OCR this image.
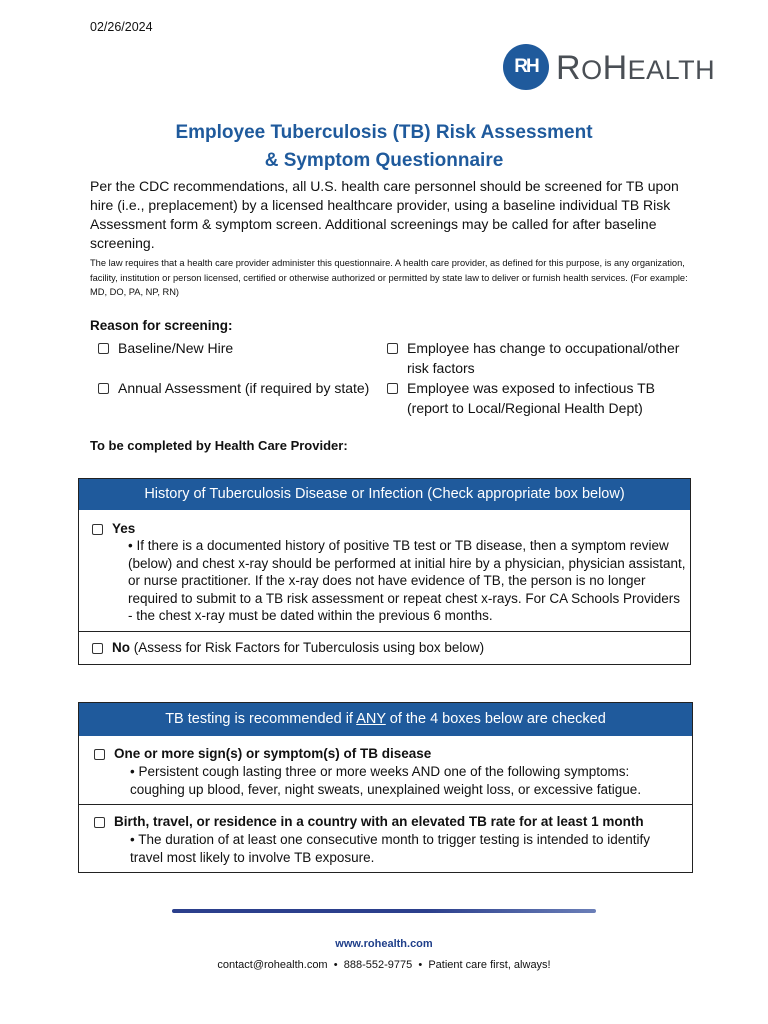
02/26/2024
RH ROHEALTH
Employee Tuberculosis (TB) Risk Assessment
& Symptom Questionnaire
Per the CDC recommendations, all U.S. health care personnel should be screened for TB upon hire (i.e., preplacement) by a licensed healthcare provider, using a baseline individual TB Risk Assessment form & symptom screen. Additional screenings may be called for after baseline screening.
The law requires that a health care provider administer this questionnaire. A health care provider, as defined for this purpose, is any organization, facility, institution or person licensed, certified or otherwise authorized or permitted by state law to deliver or furnish health services. (For example: MD, DO, PA, NP, RN)
Reason for screening:
Baseline/New Hire	Employee has change to occupational/other
risk factors
Annual Assessment (if required by state)	Employee was exposed to infectious TB
(report to Local/Regional Health Dept)
To be completed by Health Care Provider:
History of Tuberculosis Disease or Infection (Check appropriate box below)
Yes
• If there is a documented history of positive TB test or TB disease, then a symptom review (below) and chest x-ray should be performed at initial hire by a physician, physician assistant, or nurse practitioner. If the x-ray does not have evidence of TB, the person is no longer required to submit to a TB risk assessment or repeat chest x-rays. For CA Schools Providers - the chest x-ray must be dated within the previous 6 months.
No (Assess for Risk Factors for Tuberculosis using box below)
TB testing is recommended if ANY of the 4 boxes below are checked
One or more sign(s) or symptom(s) of TB disease
• Persistent cough lasting three or more weeks AND one of the following symptoms: coughing up blood, fever, night sweats, unexplained weight loss, or excessive fatigue.
Birth, travel, or residence in a country with an elevated TB rate for at least 1 month
• The duration of at least one consecutive month to trigger testing is intended to identify travel most likely to involve TB exposure.
www.rohealth.com
contact@rohealth.com • 888-552-9775 • Patient care first, always!
